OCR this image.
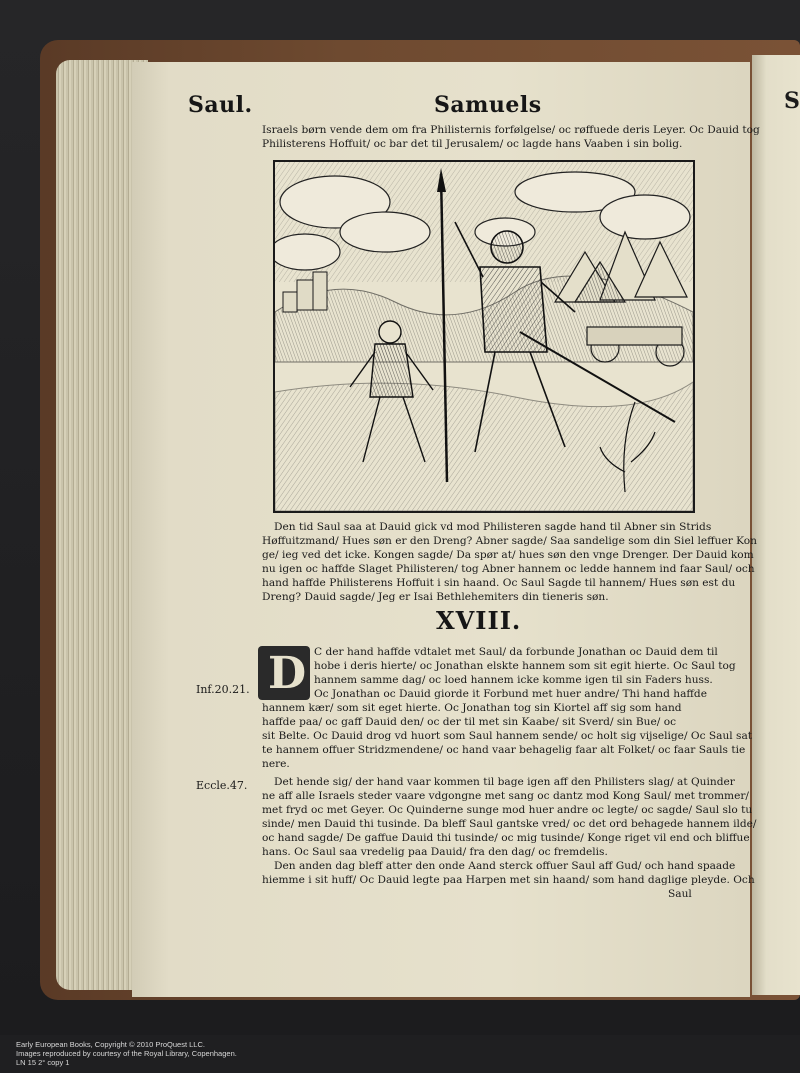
S
Saul.	Samuels
Israels børn vende dem om fra Philisternis forfølgelse/ oc røffuede deris Leyer. Oc Dauid tog
Philisterens Hoffuit/ oc bar det til Jerusalem/ oc lagde hans Vaaben i sin bolig.
Den tid Saul saa at Dauid gick vd mod Philisteren sagde hand til Abner sin Strids
Høffuitzmand/ Hues søn er den Dreng? Abner sagde/ Saa sandelige som din Siel leffuer Kon
ge/ ieg ved det icke. Kongen sagde/ Da spør at/ hues søn den vnge Drenger. Der Dauid kom
nu igen oc haffde Slaget Philisteren/ tog Abner hannem oc ledde hannem ind faar Saul/ och
hand haffde Philisterens Hoffuit i sin haand. Oc Saul Sagde til hannem/ Hues søn est du
Dreng? Dauid sagde/ Jeg er Isai Bethlehemiters din tieneris søn.
XVIII.
D C der hand haffde vdtalet met Saul/ da forbunde Jonathan oc Dauid dem til
hobe i deris hierte/ oc Jonathan elskte hannem som sit egit hierte. Oc Saul tog
hannem samme dag/ oc loed hannem icke komme igen til sin Faders huss.
Oc Jonathan oc Dauid giorde it Forbund met huer andre/ Thi hand haffde
hannem kær/ som sit eget hierte. Oc Jonathan tog sin Kiortel aff sig som hand
haffde paa/ oc gaff Dauid den/ oc der til met sin Kaabe/ sit Sverd/ sin Bue/ oc
sit Belte. Oc Dauid drog vd huort som Saul hannem sende/ oc holt sig vijselige/ Oc Saul sat
te hannem offuer Stridzmendene/ oc hand vaar behagelig faar alt Folket/ oc faar Sauls tie
nere.
Det hende sig/ der hand vaar kommen til bage igen aff den Philisters slag/ at Quinder
ne aff alle Israels steder vaare vdgongne met sang oc dantz mod Kong Saul/ met trommer/
met fryd oc met Geyer. Oc Quinderne sunge mod huer andre oc legte/ oc sagde/ Saul slo tu
sinde/ men Dauid thi tusinde. Da bleff Saul gantske vred/ oc det ord behagede hannem ilde/
oc hand sagde/ De gaffue Dauid thi tusinde/ oc mig tusinde/ Konge riget vil end och bliffue
hans. Oc Saul saa vredelig paa Dauid/ fra den dag/ oc fremdelis.
Den anden dag bleff atter den onde Aand sterck offuer Saul aff Gud/ och hand spaade
hiemme i sit huff/ Oc Dauid legte paa Harpen met sin haand/ som hand daglige pleyde. Och
Saul
Inf.20.21.
Eccle.47.
Early European Books, Copyright © 2010 ProQuest LLC.
Images reproduced by courtesy of the Royal Library, Copenhagen.
LN 15 2° copy 1
